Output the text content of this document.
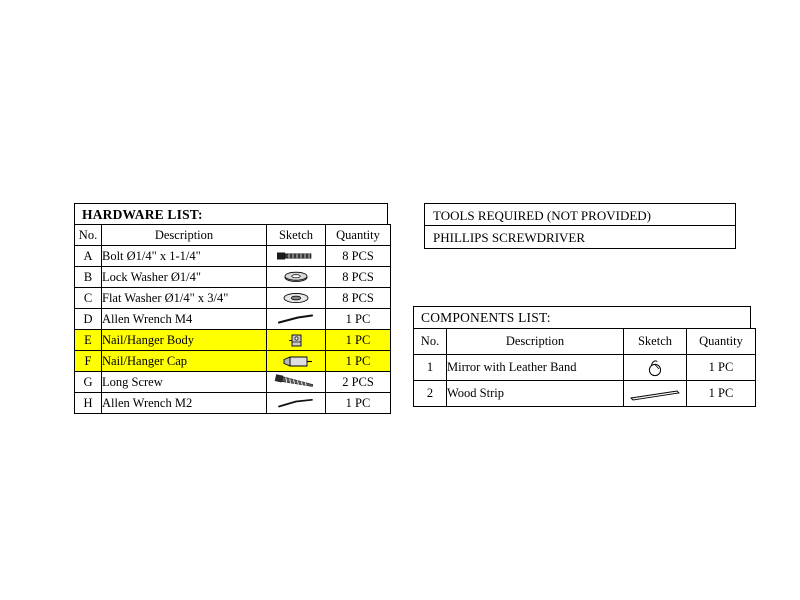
HARDWARE LIST:
No.	Description	Sketch	Quantity
A	Bolt Ø1/4" x 1-1/4"		8 PCS
B	Lock Washer Ø1/4"		8 PCS
C	Flat Washer Ø1/4" x 3/4"		8 PCS
D	Allen Wrench M4		1 PC
E	Nail/Hanger Body		1 PC
F	Nail/Hanger Cap		1 PC
G	Long Screw		2 PCS
H	Allen Wrench M2		1 PC
TOOLS REQUIRED (NOT PROVIDED)
PHILLIPS SCREWDRIVER
COMPONENTS LIST:
No.	Description	Sketch	Quantity
1	Mirror with Leather Band		1 PC
2	Wood Strip		1 PC
